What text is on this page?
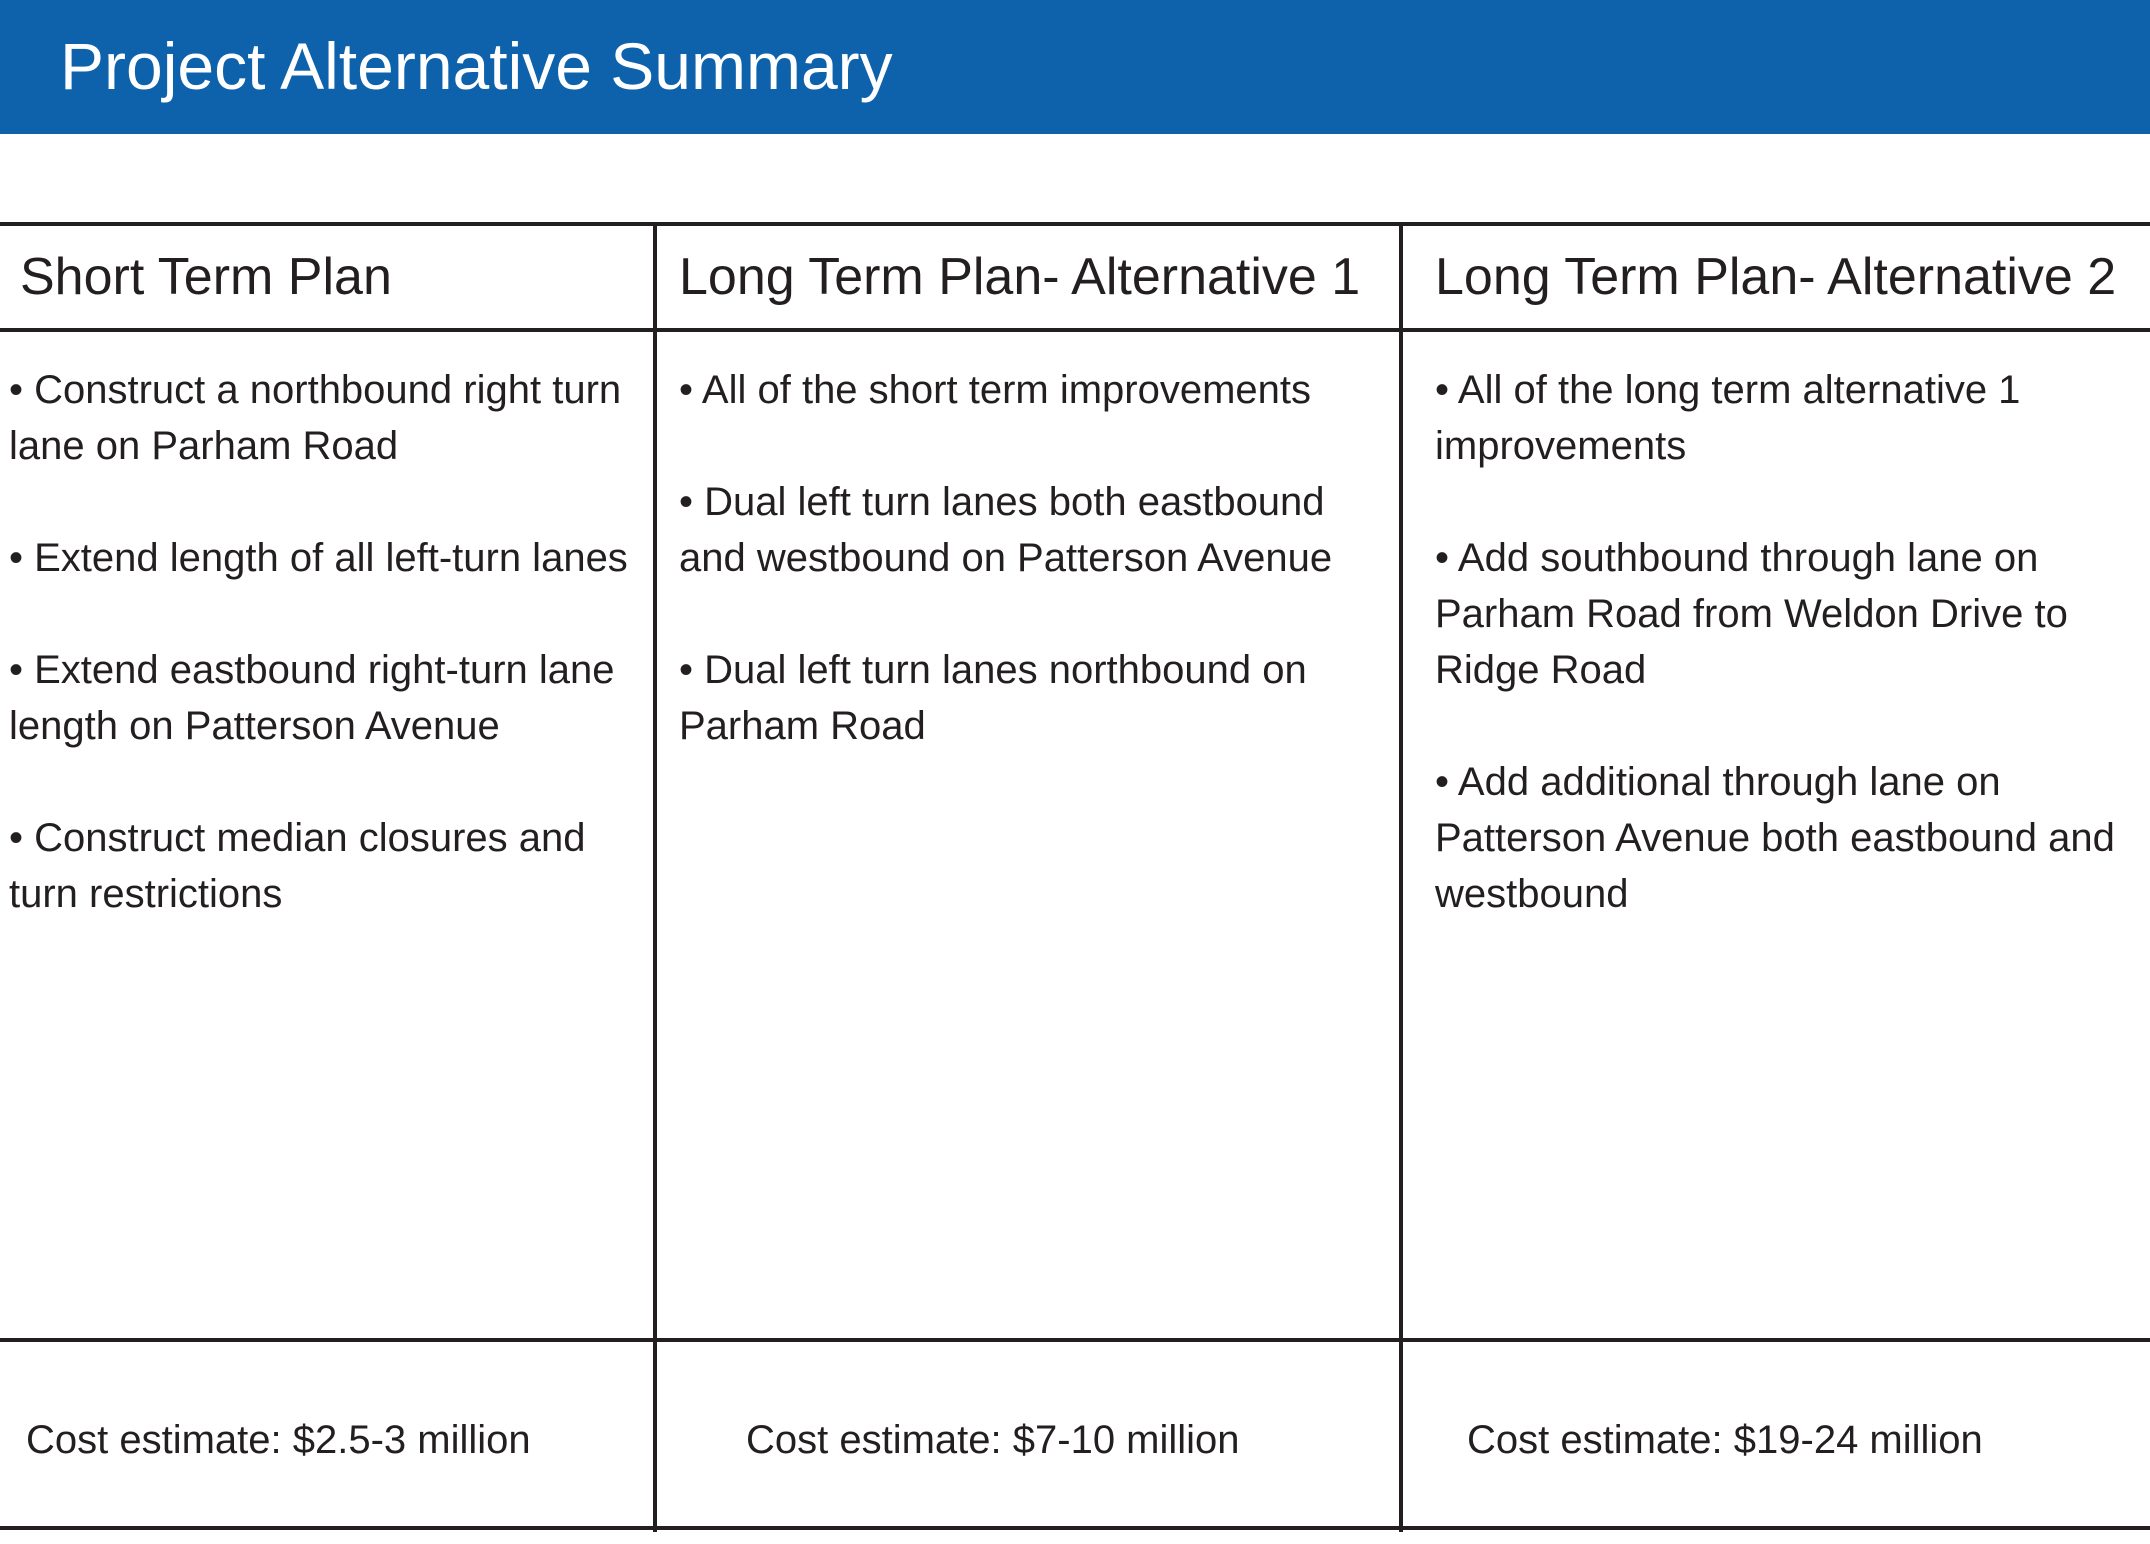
Project Alternative Summary
Short Term Plan
• Construct a northbound right turn lane on Parham Road
• Extend length of all left-turn lanes
• Extend eastbound right-turn lane length on Patterson Avenue
• Construct median closures and turn restrictions
Cost estimate: $2.5-3 million
Long Term Plan- Alternative 1
• All of the short term improvements
• Dual left turn lanes both eastbound and westbound on Patterson Avenue
• Dual left turn lanes northbound on Parham Road
Cost estimate: $7-10 million
Long Term Plan- Alternative 2
• All of the long term alternative 1 improvements
• Add southbound through lane on Parham Road from Weldon Drive to Ridge Road
• Add additional through lane on Patterson Avenue both eastbound and westbound
Cost estimate: $19-24 million
